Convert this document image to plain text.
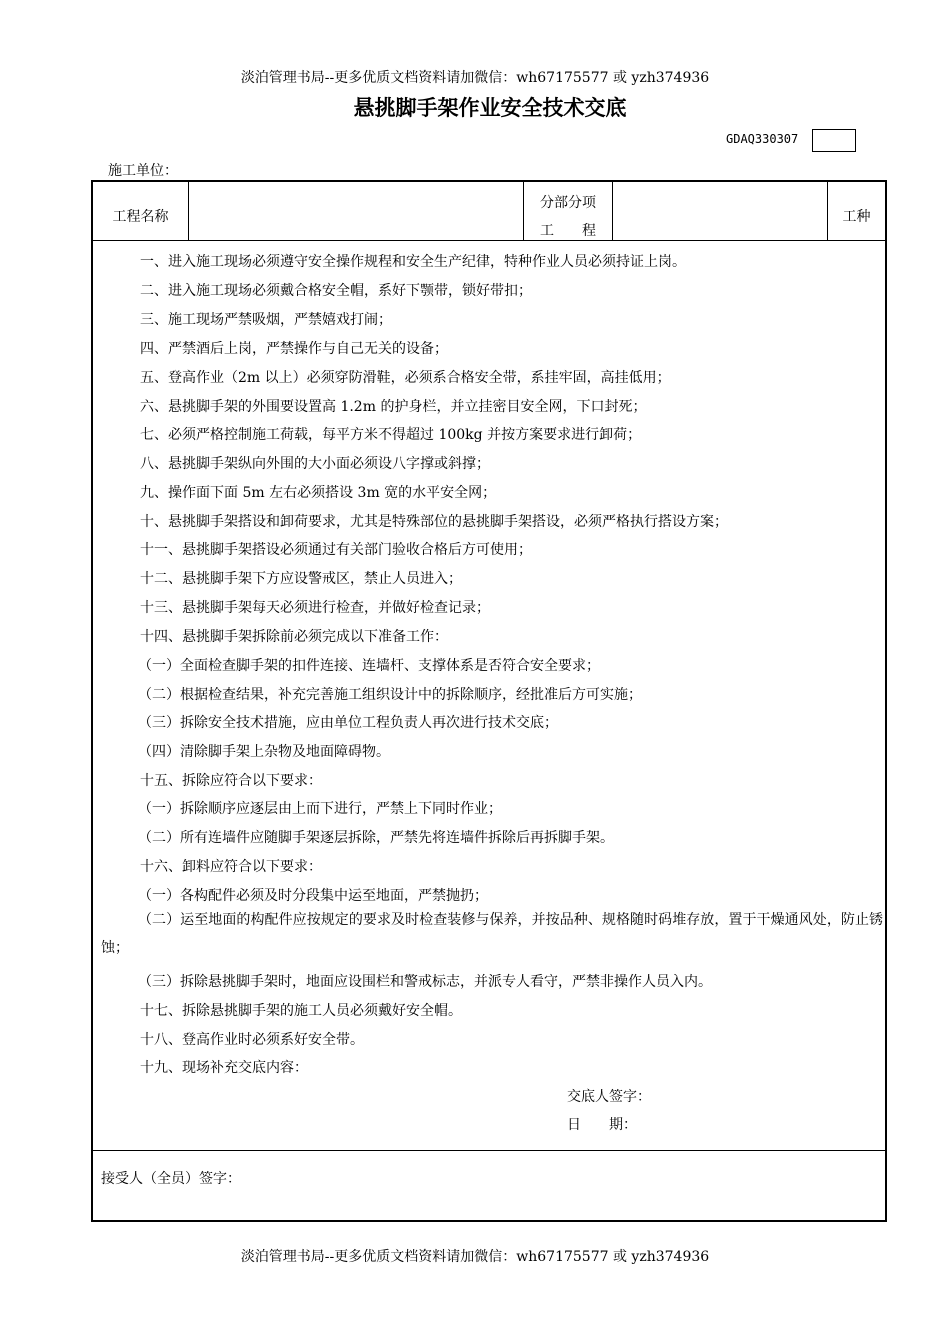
淡泊管理书局--更多优质文档资料请加微信：wh67175577 或 yzh374936
悬挑脚手架作业安全技术交底
GDAQ330307
施工单位：
工程名称
分部分项
工程
工种
一、进入施工现场必须遵守安全操作规程和安全生产纪律，特种作业人员必须持证上岗。
二、进入施工现场必须戴合格安全帽，系好下颚带，锁好带扣；
三、施工现场严禁吸烟，严禁嬉戏打闹；
四、严禁酒后上岗，严禁操作与自己无关的设备；
五、登高作业（2m 以上）必须穿防滑鞋，必须系合格安全带，系挂牢固，高挂低用；
六、悬挑脚手架的外围要设置高 1.2m 的护身栏，并立挂密目安全网，下口封死；
七、必须严格控制施工荷载，每平方米不得超过 100kg 并按方案要求进行卸荷；
八、悬挑脚手架纵向外围的大小面必须设八字撑或斜撑；
九、操作面下面 5m 左右必须搭设 3m 宽的水平安全网；
十、悬挑脚手架搭设和卸荷要求，尤其是特殊部位的悬挑脚手架搭设，必须严格执行搭设方案；
十一、悬挑脚手架搭设必须通过有关部门验收合格后方可使用；
十二、悬挑脚手架下方应设警戒区，禁止人员进入；
十三、悬挑脚手架每天必须进行检查，并做好检查记录；
十四、悬挑脚手架拆除前必须完成以下准备工作：
（一）全面检查脚手架的扣件连接、连墙杆、支撑体系是否符合安全要求；
（二）根据检查结果，补充完善施工组织设计中的拆除顺序，经批准后方可实施；
（三）拆除安全技术措施，应由单位工程负责人再次进行技术交底；
（四）清除脚手架上杂物及地面障碍物。
十五、拆除应符合以下要求：
（一）拆除顺序应逐层由上而下进行，严禁上下同时作业；
（二）所有连墙件应随脚手架逐层拆除，严禁先将连墙件拆除后再拆脚手架。
十六、卸料应符合以下要求：
（一）各构配件必须及时分段集中运至地面，严禁抛扔；
（二）运至地面的构配件应按规定的要求及时检查装修与保养，并按品种、规格随时码堆存放，置于干燥通风处，防止锈蚀；
（三）拆除悬挑脚手架时，地面应设围栏和警戒标志，并派专人看守，严禁非操作人员入内。
十七、拆除悬挑脚手架的施工人员必须戴好安全帽。
十八、登高作业时必须系好安全带。
十九、现场补充交底内容：
交底人签字：
日　　期：
接受人（全员）签字：
淡泊管理书局--更多优质文档资料请加微信：wh67175577 或 yzh374936
